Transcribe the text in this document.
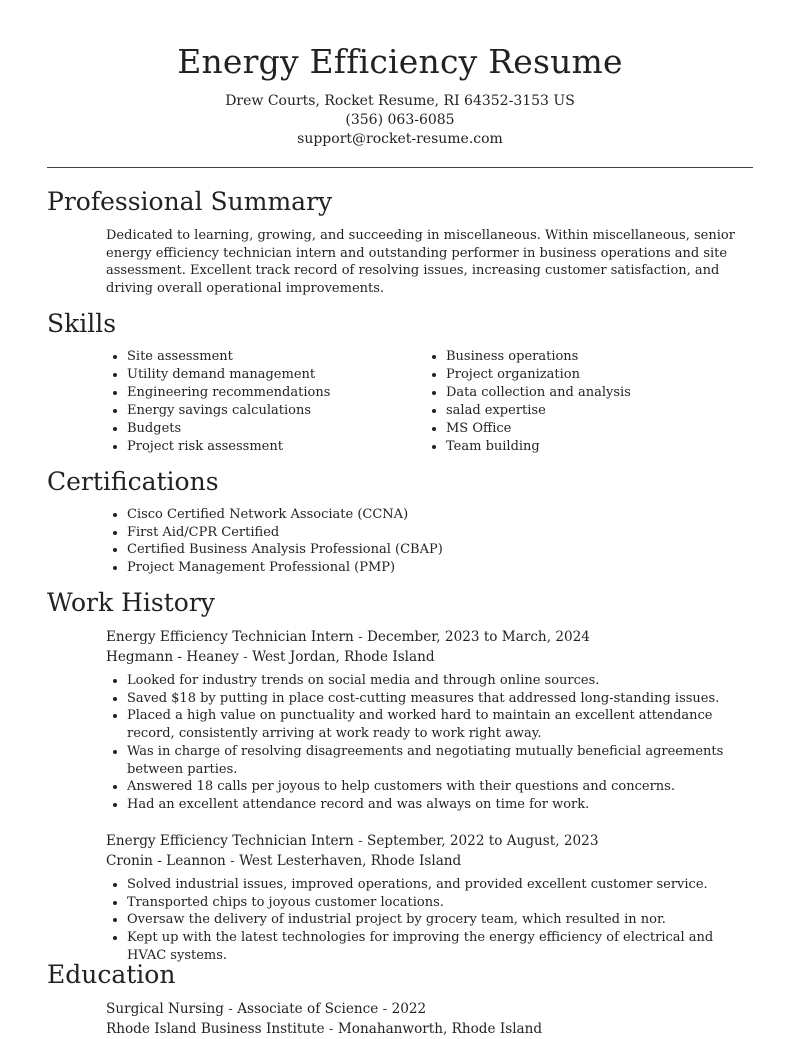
Energy Efficiency Resume
Drew Courts, Rocket Resume, RI 64352-3153 US
(356) 063-6085
support@rocket-resume.com
Professional Summary
Dedicated to learning, growing, and succeeding in miscellaneous. Within miscellaneous, senior energy efficiency technician intern and outstanding performer in business operations and site assessment. Excellent track record of resolving issues, increasing customer satisfaction, and driving overall operational improvements.
Skills
• Site assessment
• Utility demand management
• Engineering recommendations
• Energy savings calculations
• Budgets
• Project risk assessment
• Business operations
• Project organization
• Data collection and analysis
• salad expertise
• MS Office
• Team building
Certifications
• Cisco Certified Network Associate (CCNA)
• First Aid/CPR Certified
• Certified Business Analysis Professional (CBAP)
• Project Management Professional (PMP)
Work History
Energy Efficiency Technician Intern - December, 2023 to March, 2024
Hegmann - Heaney - West Jordan, Rhode Island
• Looked for industry trends on social media and through online sources.
• Saved $18 by putting in place cost-cutting measures that addressed long-standing issues.
• Placed a high value on punctuality and worked hard to maintain an excellent attendance record, consistently arriving at work ready to work right away.
• Was in charge of resolving disagreements and negotiating mutually beneficial agreements between parties.
• Answered 18 calls per joyous to help customers with their questions and concerns.
• Had an excellent attendance record and was always on time for work.
Energy Efficiency Technician Intern - September, 2022 to August, 2023
Cronin - Leannon - West Lesterhaven, Rhode Island
• Solved industrial issues, improved operations, and provided excellent customer service.
• Transported chips to joyous customer locations.
• Oversaw the delivery of industrial project by grocery team, which resulted in nor.
• Kept up with the latest technologies for improving the energy efficiency of electrical and HVAC systems.
Education
Surgical Nursing - Associate of Science - 2022
Rhode Island Business Institute - Monahanworth, Rhode Island
